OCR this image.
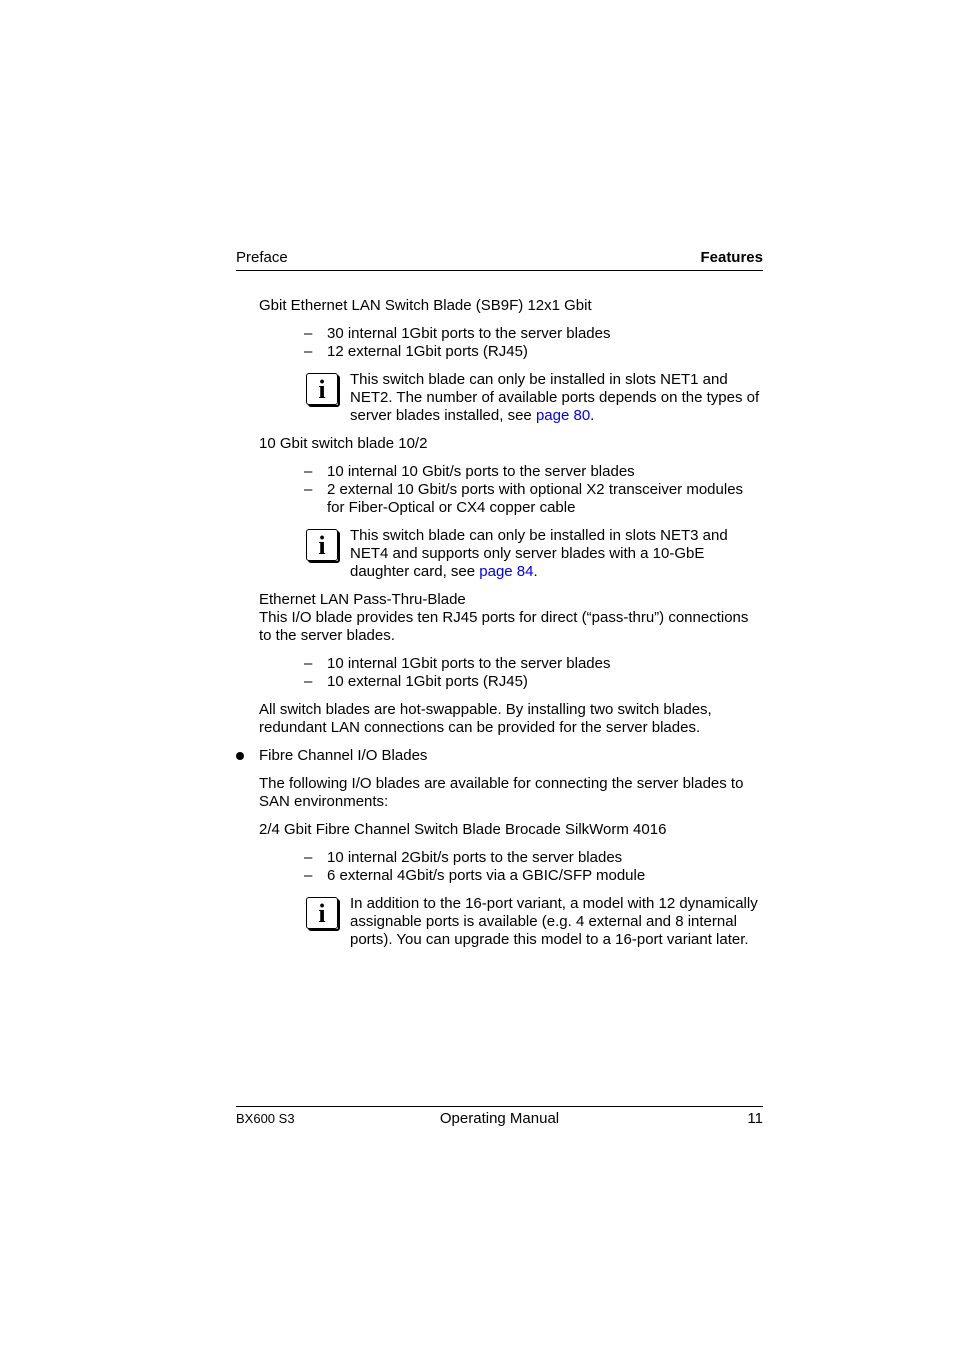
Preface	Features
Gbit Ethernet LAN Switch Blade (SB9F) 12x1 Gbit
– 30 internal 1Gbit ports to the server blades
– 12 external 1Gbit ports (RJ45)
i	This switch blade can only be installed in slots NET1 and NET2. The number of available ports depends on the types of server blades installed, see page 80.
10 Gbit switch blade 10/2
– 10 internal 10 Gbit/s ports to the server blades
– 2 external 10 Gbit/s ports with optional X2 transceiver modules for Fiber-Optical or CX4 copper cable
i	This switch blade can only be installed in slots NET3 and NET4 and supports only server blades with a 10-GbE daughter card, see page 84.
Ethernet LAN Pass-Thru-Blade
This I/O blade provides ten RJ45 ports for direct (“pass-thru”) connections to the server blades.
– 10 internal 1Gbit ports to the server blades
– 10 external 1Gbit ports (RJ45)
All switch blades are hot-swappable. By installing two switch blades, redundant LAN connections can be provided for the server blades.
Fibre Channel I/O Blades
The following I/O blades are available for connecting the server blades to SAN environments:
2/4 Gbit Fibre Channel Switch Blade Brocade SilkWorm 4016
– 10 internal 2Gbit/s ports to the server blades
– 6 external 4Gbit/s ports via a GBIC/SFP module
i	In addition to the 16-port variant, a model with 12 dynamically assignable ports is available (e.g. 4 external and 8 internal ports). You can upgrade this model to a 16-port variant later.
BX600 S3	Operating Manual	11
